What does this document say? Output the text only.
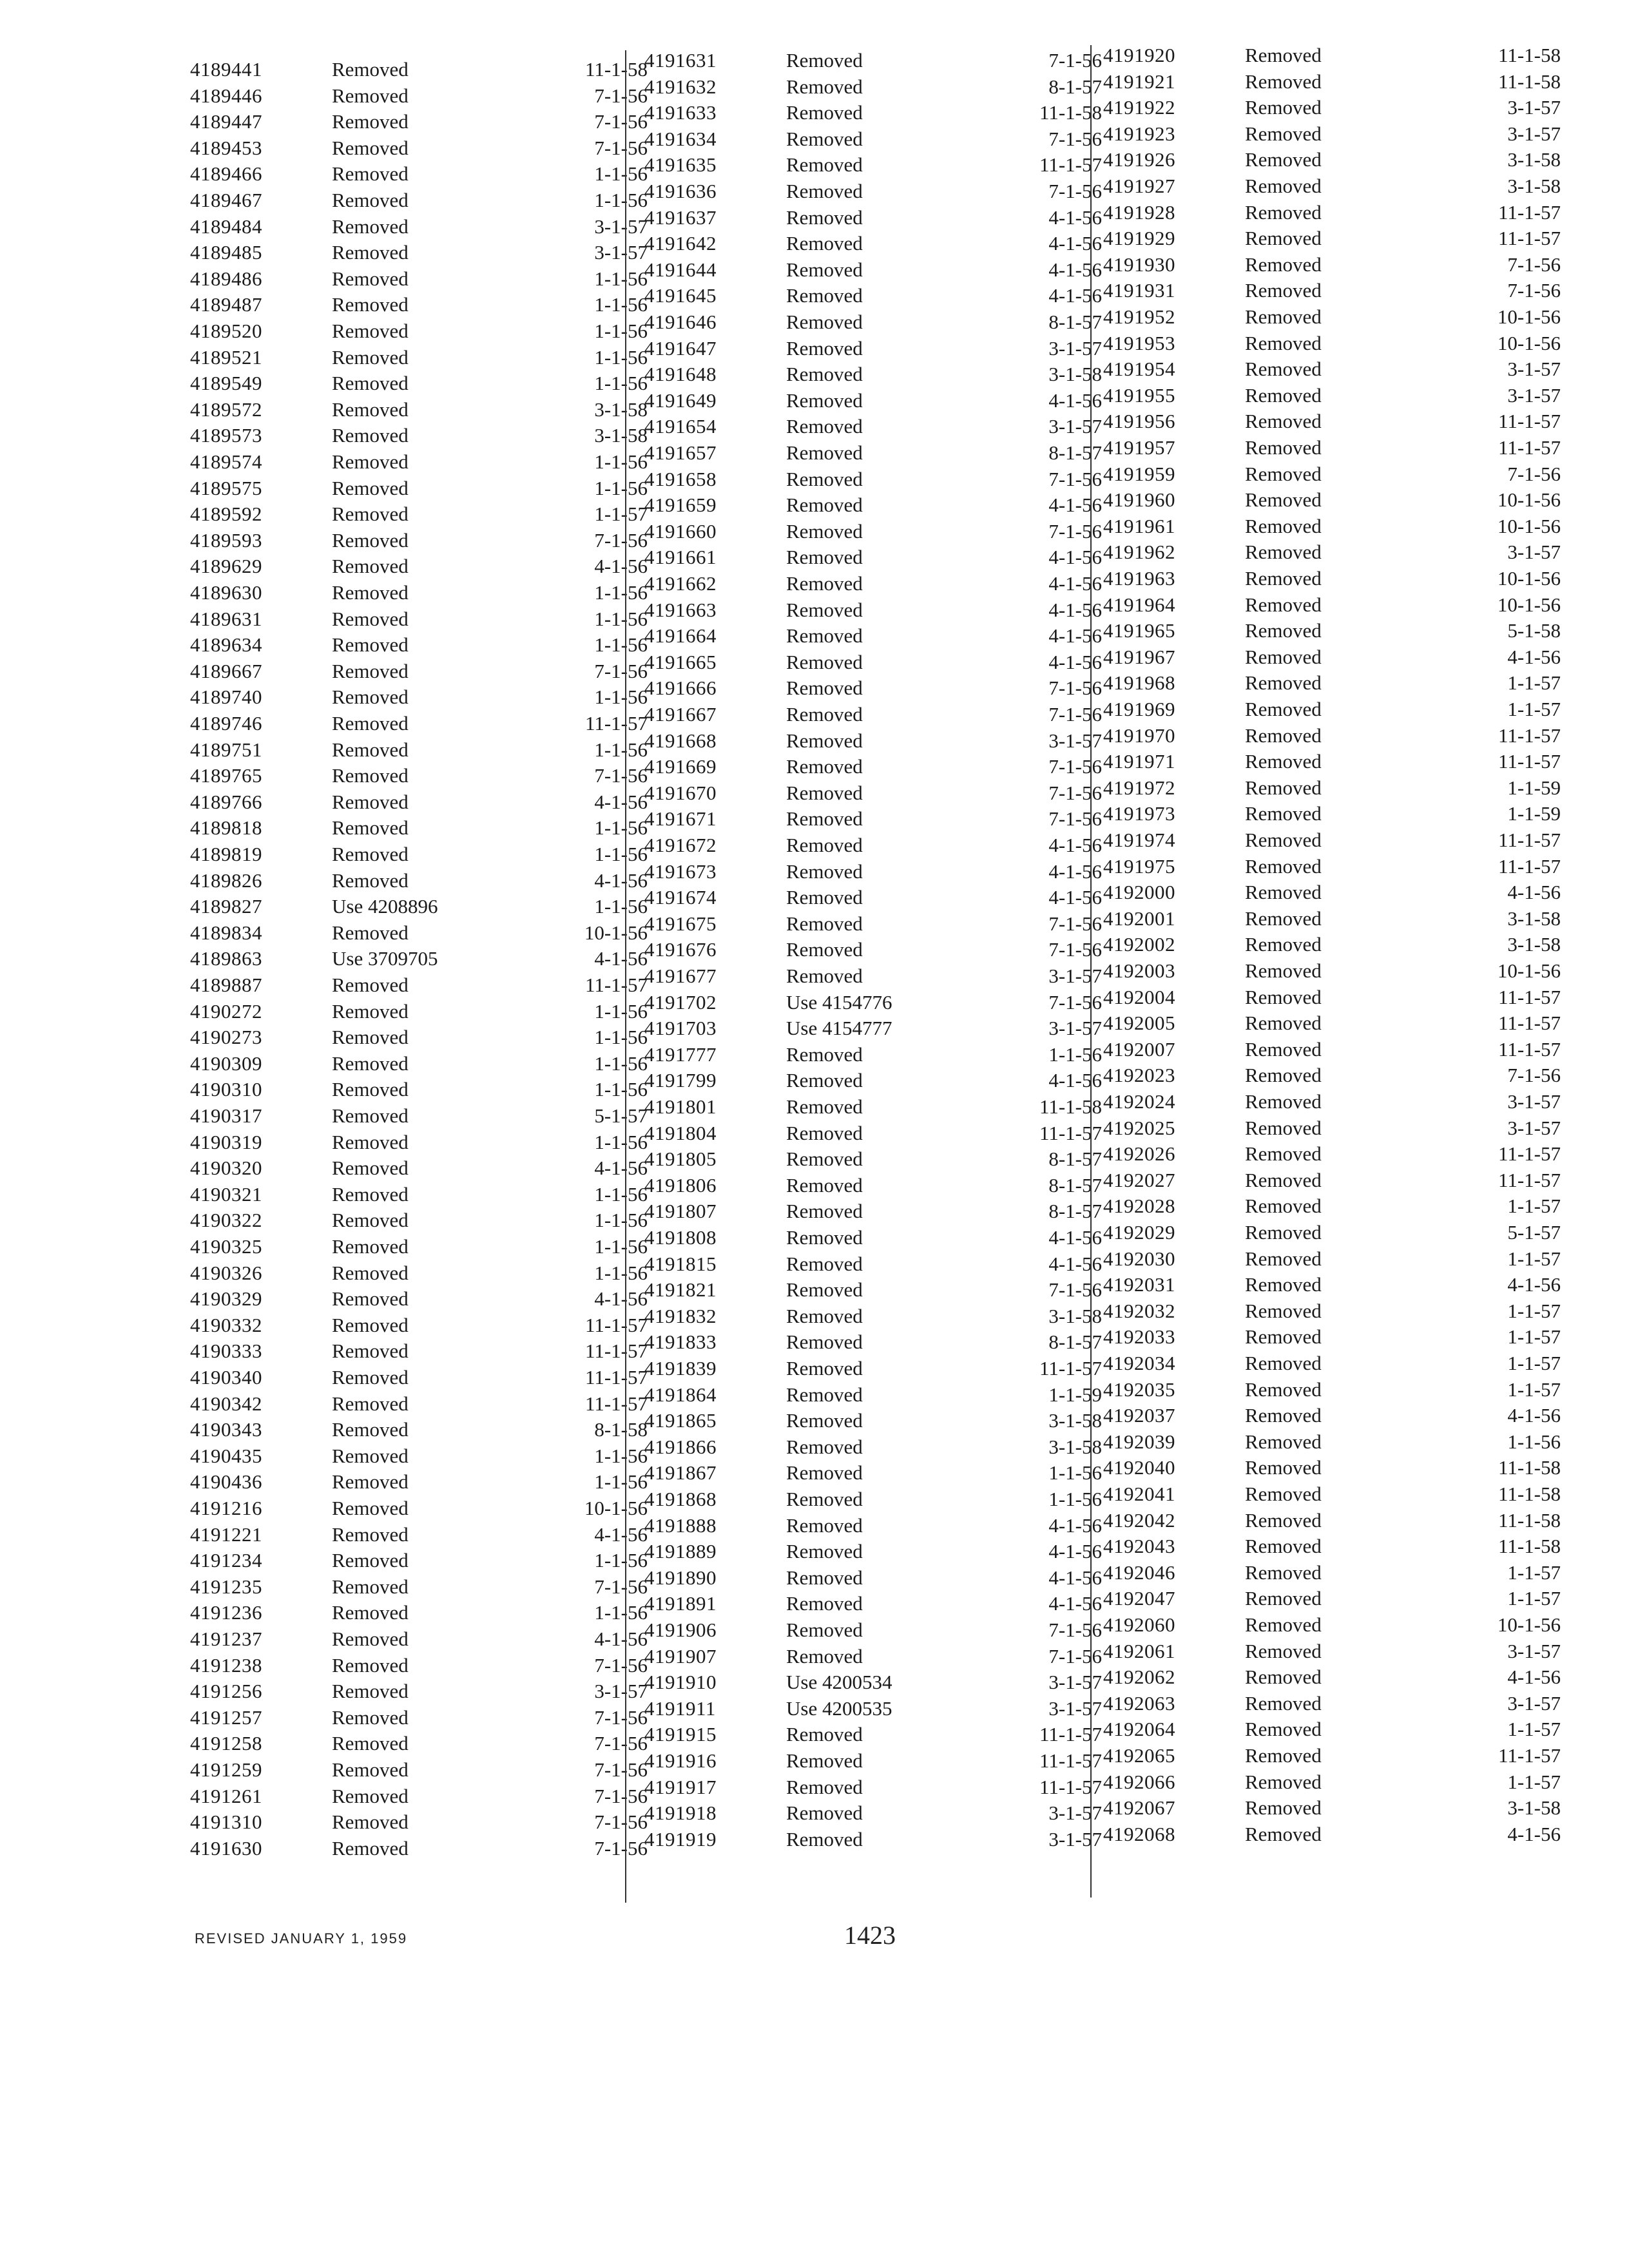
4189441	Removed	11-1-58
4189446	Removed	7-1-56
4189447	Removed	7-1-56
4189453	Removed	7-1-56
4189466	Removed	1-1-56
4189467	Removed	1-1-56
4189484	Removed	3-1-57
4189485	Removed	3-1-57
4189486	Removed	1-1-56
4189487	Removed	1-1-56
4189520	Removed	1-1-56
4189521	Removed	1-1-56
4189549	Removed	1-1-56
4189572	Removed	3-1-58
4189573	Removed	3-1-58
4189574	Removed	1-1-56
4189575	Removed	1-1-56
4189592	Removed	1-1-57
4189593	Removed	7-1-56
4189629	Removed	4-1-56
4189630	Removed	1-1-56
4189631	Removed	1-1-56
4189634	Removed	1-1-56
4189667	Removed	7-1-56
4189740	Removed	1-1-56
4189746	Removed	11-1-57
4189751	Removed	1-1-56
4189765	Removed	7-1-56
4189766	Removed	4-1-56
4189818	Removed	1-1-56
4189819	Removed	1-1-56
4189826	Removed	4-1-56
4189827	Use 4208896	1-1-56
4189834	Removed	10-1-56
4189863	Use 3709705	4-1-56
4189887	Removed	11-1-57
4190272	Removed	1-1-56
4190273	Removed	1-1-56
4190309	Removed	1-1-56
4190310	Removed	1-1-56
4190317	Removed	5-1-57
4190319	Removed	1-1-56
4190320	Removed	4-1-56
4190321	Removed	1-1-56
4190322	Removed	1-1-56
4190325	Removed	1-1-56
4190326	Removed	1-1-56
4190329	Removed	4-1-56
4190332	Removed	11-1-57
4190333	Removed	11-1-57
4190340	Removed	11-1-57
4190342	Removed	11-1-57
4190343	Removed	8-1-58
4190435	Removed	1-1-56
4190436	Removed	1-1-56
4191216	Removed	10-1-56
4191221	Removed	4-1-56
4191234	Removed	1-1-56
4191235	Removed	7-1-56
4191236	Removed	1-1-56
4191237	Removed	4-1-56
4191238	Removed	7-1-56
4191256	Removed	3-1-57
4191257	Removed	7-1-56
4191258	Removed	7-1-56
4191259	Removed	7-1-56
4191261	Removed	7-1-56
4191310	Removed	7-1-56
4191630	Removed	7-1-56
4191631	Removed	7-1-56
4191632	Removed	8-1-57
4191633	Removed	11-1-58
4191634	Removed	7-1-56
4191635	Removed	11-1-57
4191636	Removed	7-1-56
4191637	Removed	4-1-56
4191642	Removed	4-1-56
4191644	Removed	4-1-56
4191645	Removed	4-1-56
4191646	Removed	8-1-57
4191647	Removed	3-1-57
4191648	Removed	3-1-58
4191649	Removed	4-1-56
4191654	Removed	3-1-57
4191657	Removed	8-1-57
4191658	Removed	7-1-56
4191659	Removed	4-1-56
4191660	Removed	7-1-56
4191661	Removed	4-1-56
4191662	Removed	4-1-56
4191663	Removed	4-1-56
4191664	Removed	4-1-56
4191665	Removed	4-1-56
4191666	Removed	7-1-56
4191667	Removed	7-1-56
4191668	Removed	3-1-57
4191669	Removed	7-1-56
4191670	Removed	7-1-56
4191671	Removed	7-1-56
4191672	Removed	4-1-56
4191673	Removed	4-1-56
4191674	Removed	4-1-56
4191675	Removed	7-1-56
4191676	Removed	7-1-56
4191677	Removed	3-1-57
4191702	Use 4154776	7-1-56
4191703	Use 4154777	3-1-57
4191777	Removed	1-1-56
4191799	Removed	4-1-56
4191801	Removed	11-1-58
4191804	Removed	11-1-57
4191805	Removed	8-1-57
4191806	Removed	8-1-57
4191807	Removed	8-1-57
4191808	Removed	4-1-56
4191815	Removed	4-1-56
4191821	Removed	7-1-56
4191832	Removed	3-1-58
4191833	Removed	8-1-57
4191839	Removed	11-1-57
4191864	Removed	1-1-59
4191865	Removed	3-1-58
4191866	Removed	3-1-58
4191867	Removed	1-1-56
4191868	Removed	1-1-56
4191888	Removed	4-1-56
4191889	Removed	4-1-56
4191890	Removed	4-1-56
4191891	Removed	4-1-56
4191906	Removed	7-1-56
4191907	Removed	7-1-56
4191910	Use 4200534	3-1-57
4191911	Use 4200535	3-1-57
4191915	Removed	11-1-57
4191916	Removed	11-1-57
4191917	Removed	11-1-57
4191918	Removed	3-1-57
4191919	Removed	3-1-57
4191920	Removed	11-1-58
4191921	Removed	11-1-58
4191922	Removed	3-1-57
4191923	Removed	3-1-57
4191926	Removed	3-1-58
4191927	Removed	3-1-58
4191928	Removed	11-1-57
4191929	Removed	11-1-57
4191930	Removed	7-1-56
4191931	Removed	7-1-56
4191952	Removed	10-1-56
4191953	Removed	10-1-56
4191954	Removed	3-1-57
4191955	Removed	3-1-57
4191956	Removed	11-1-57
4191957	Removed	11-1-57
4191959	Removed	7-1-56
4191960	Removed	10-1-56
4191961	Removed	10-1-56
4191962	Removed	3-1-57
4191963	Removed	10-1-56
4191964	Removed	10-1-56
4191965	Removed	5-1-58
4191967	Removed	4-1-56
4191968	Removed	1-1-57
4191969	Removed	1-1-57
4191970	Removed	11-1-57
4191971	Removed	11-1-57
4191972	Removed	1-1-59
4191973	Removed	1-1-59
4191974	Removed	11-1-57
4191975	Removed	11-1-57
4192000	Removed	4-1-56
4192001	Removed	3-1-58
4192002	Removed	3-1-58
4192003	Removed	10-1-56
4192004	Removed	11-1-57
4192005	Removed	11-1-57
4192007	Removed	11-1-57
4192023	Removed	7-1-56
4192024	Removed	3-1-57
4192025	Removed	3-1-57
4192026	Removed	11-1-57
4192027	Removed	11-1-57
4192028	Removed	1-1-57
4192029	Removed	5-1-57
4192030	Removed	1-1-57
4192031	Removed	4-1-56
4192032	Removed	1-1-57
4192033	Removed	1-1-57
4192034	Removed	1-1-57
4192035	Removed	1-1-57
4192037	Removed	4-1-56
4192039	Removed	1-1-56
4192040	Removed	11-1-58
4192041	Removed	11-1-58
4192042	Removed	11-1-58
4192043	Removed	11-1-58
4192046	Removed	1-1-57
4192047	Removed	1-1-57
4192060	Removed	10-1-56
4192061	Removed	3-1-57
4192062	Removed	4-1-56
4192063	Removed	3-1-57
4192064	Removed	1-1-57
4192065	Removed	11-1-57
4192066	Removed	1-1-57
4192067	Removed	3-1-58
4192068	Removed	4-1-56
REVISED JANUARY 1, 1959	1423
